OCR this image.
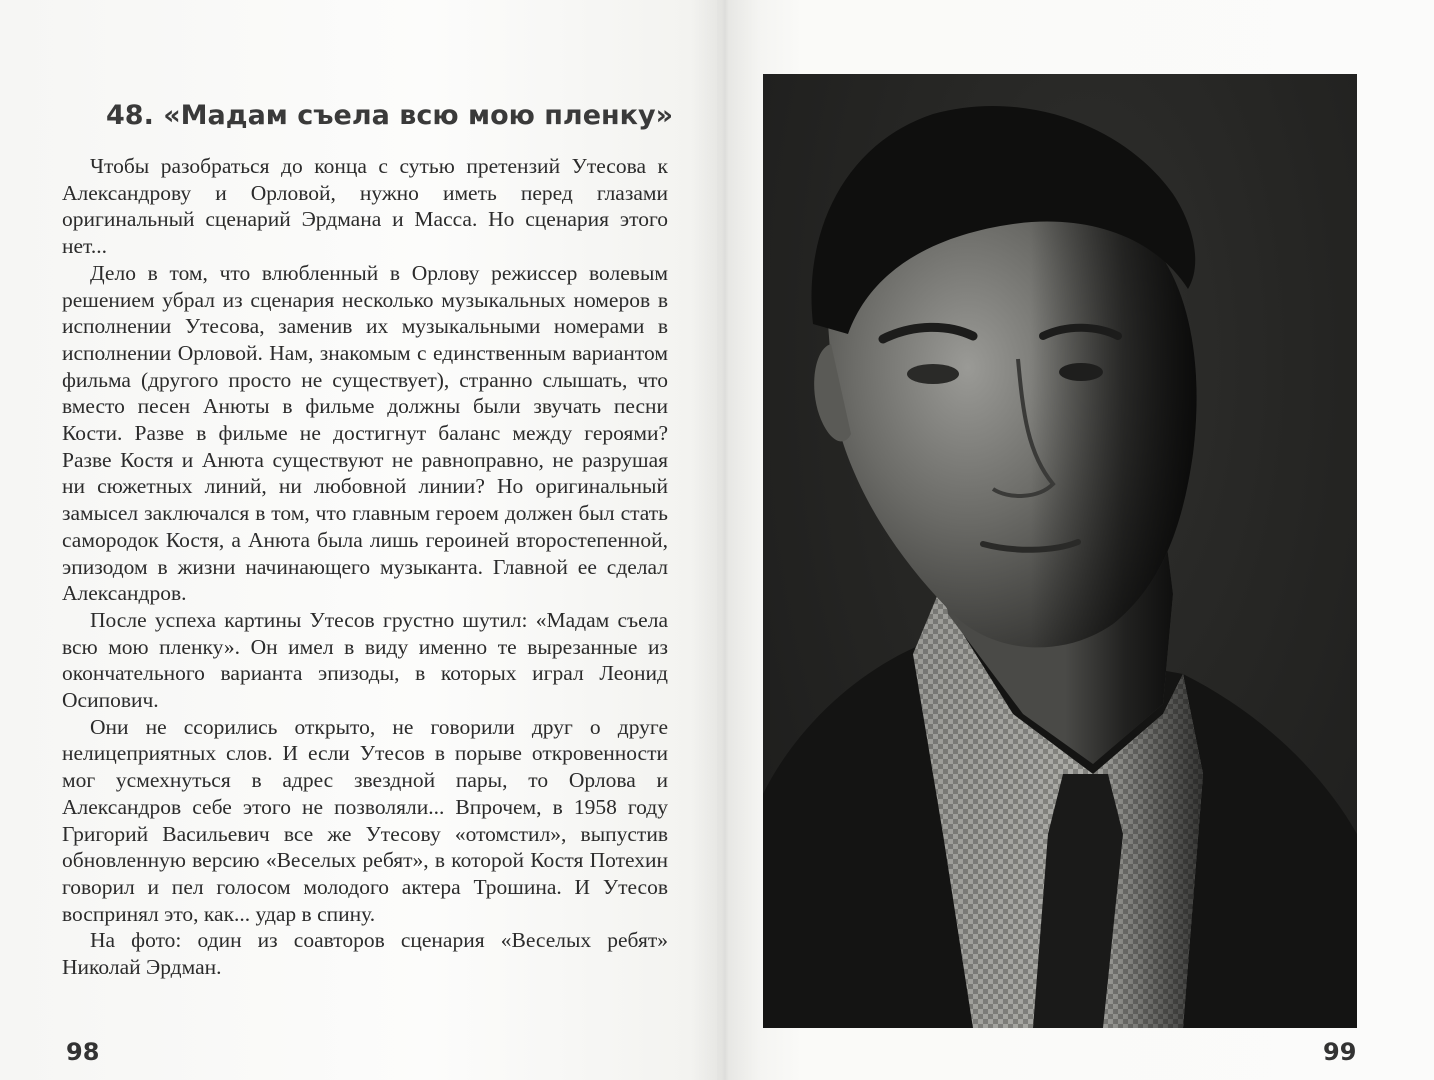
48. «Мадам съела всю мою пленку»

Чтобы разобраться до конца с сутью претензий Утесова к Александрову и Орловой, нужно иметь перед глазами оригинальный сценарий Эрдмана и Масса. Но сценария этого нет...

Дело в том, что влюбленный в Орлову режиссер волевым решением убрал из сценария несколько музыкальных номеров в исполнении Утесова, заменив их музыкальными номерами в исполнении Орловой. Нам, знакомым с единственным вариантом фильма (другого просто не существует), странно слышать, что вместо песен Анюты в фильме должны были звучать песни Кости. Разве в фильме не достигнут баланс между героями? Разве Костя и Анюта существуют не равноправно, не разрушая ни сюжетных линий, ни любовной линии? Но оригинальный замысел заключался в том, что главным героем должен был стать самородок Костя, а Анюта была лишь героиней второстепенной, эпизодом в жизни начинающего музыканта. Главной ее сделал Александров.

После успеха картины Утесов грустно шутил: «Мадам съела всю мою пленку». Он имел в виду именно те вырезанные из окончательного варианта эпизоды, в которых играл Леонид Осипович.

Они не ссорились открыто, не говорили друг о друге нелицеприятных слов. И если Утесов в порыве откровенности мог усмехнуться в адрес звездной пары, то Орлова и Александров себе этого не позволяли... Впрочем, в 1958 году Григорий Васильевич все же Утесову «отомстил», выпустив обновленную версию «Веселых ребят», в которой Костя Потехин говорил и пел голосом молодого актера Трошина. И Утесов воспринял это, как... удар в спину.

На фото: один из соавторов сценария «Веселых ребят» Николай Эрдман.

98	99
